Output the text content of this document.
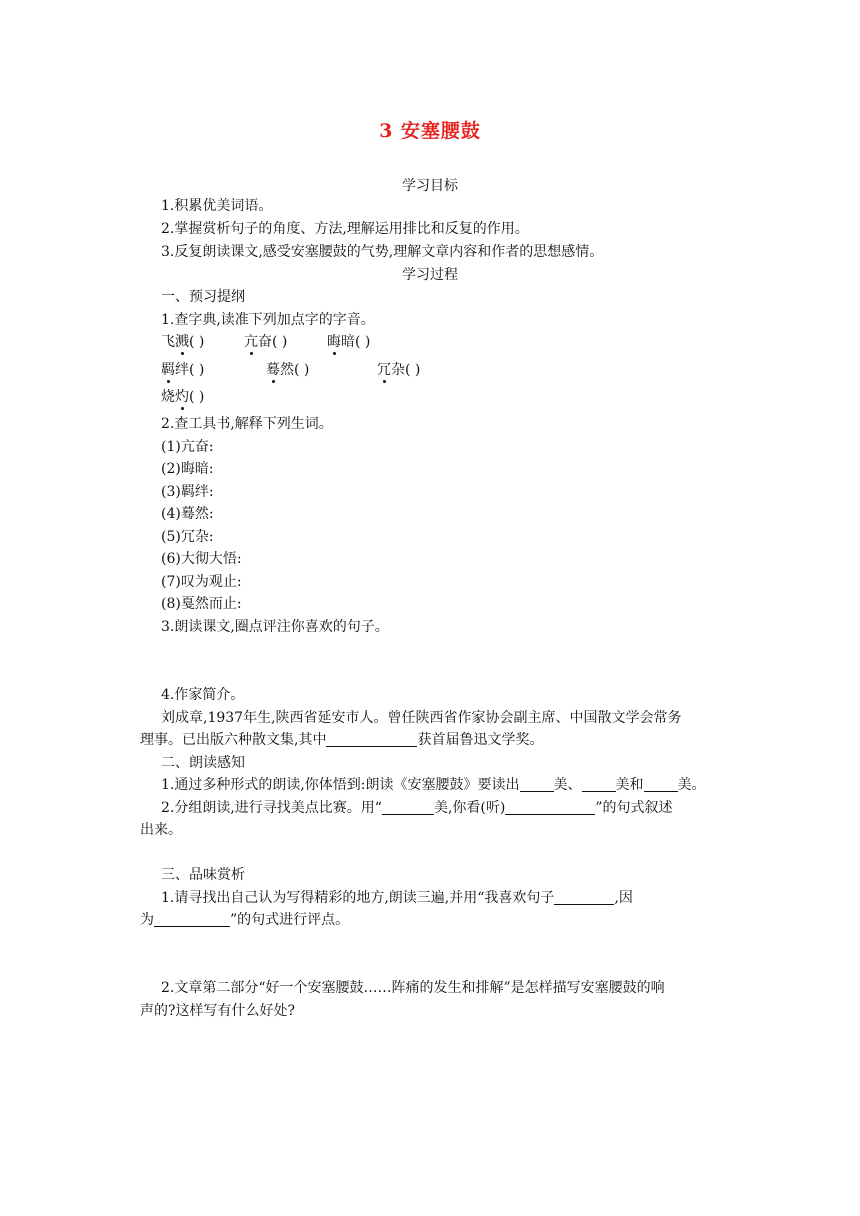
3 安塞腰鼓
学习目标
1.积累优美词语。
2.掌握赏析句子的角度、方法,理解运用排比和反复的作用。
3.反复朗读课文,感受安塞腰鼓的气势,理解文章内容和作者的思想感情。
学习过程
一、预习提纲
1.查字典,读准下列加点字的字音。
飞溅( )	亢奋( )	晦暗( )
羁绊( )	蓦然( )	冗杂( )
烧灼( )
2.查工具书,解释下列生词。
(1)亢奋:
(2)晦暗:
(3)羁绊:
(4)蓦然:
(5)冗杂:
(6)大彻大悟:
(7)叹为观止:
(8)戛然而止:
3.朗读课文,圈点评注你喜欢的句子。
4.作家简介。
刘成章,1937年生,陕西省延安市人。曾任陕西省作家协会副主席、中国散文学会常务
理事。已出版六种散文集,其中	获首届鲁迅文学奖。
二、朗读感知
1.通过多种形式的朗读,你体悟到:朗读《安塞腰鼓》要读出 美、 美和 美。
2.分组朗读,进行寻找美点比赛。用“	美,你看(听)	”的句式叙述
出来。
三、品味赏析
1.请寻找出自己认为写得精彩的地方,朗读三遍,并用“我喜欢句子	,因
为	”的句式进行评点。
2.文章第二部分“好一个安塞腰鼓……阵痛的发生和排解”是怎样描写安塞腰鼓的响
声的?这样写有什么好处?
